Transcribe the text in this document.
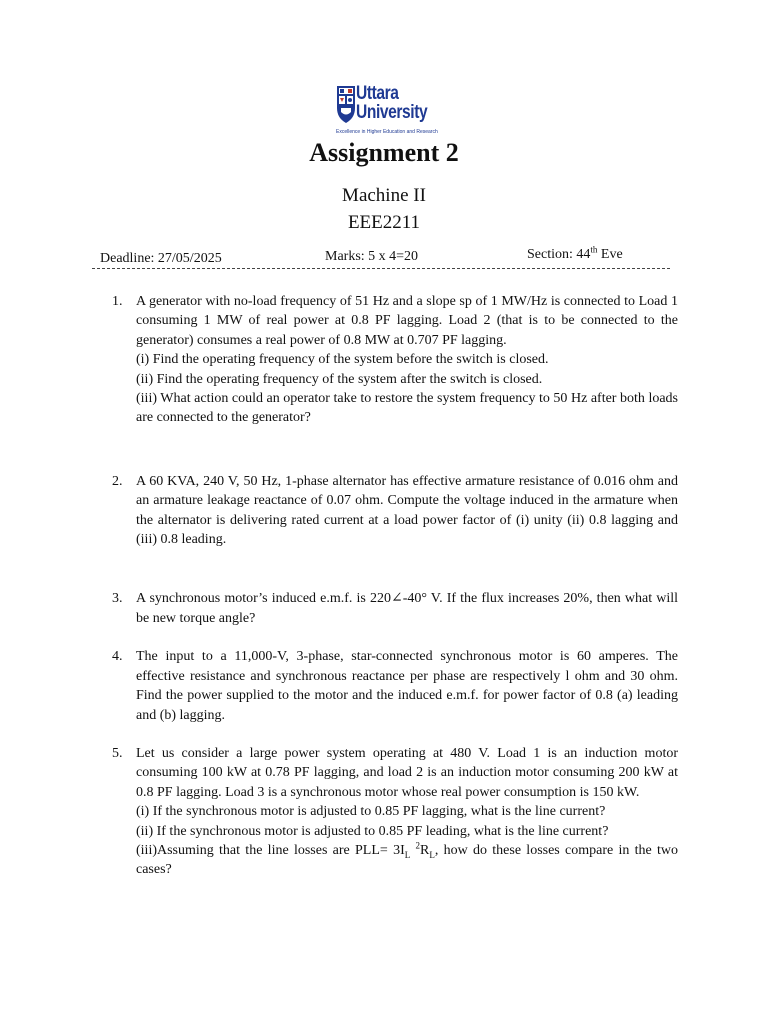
Uttara
University
Excellence in Higher Education and Research
Assignment 2
Machine II
EEE2211
Deadline: 27/05/2025	Marks: 5 x 4=20	Section: 44th Eve
1. A generator with no-load frequency of 51 Hz and a slope sp of 1 MW/Hz is connected to Load 1 consuming 1 MW of real power at 0.8 PF lagging. Load 2 (that is to be connected to the generator) consumes a real power of 0.8 MW at 0.707 PF lagging.
(i) Find the operating frequency of the system before the switch is closed.
(ii) Find the operating frequency of the system after the switch is closed.
(iii) What action could an operator take to restore the system frequency to 50 Hz after both loads are connected to the generator?
2. A 60 KVA, 240 V, 50 Hz, 1-phase alternator has effective armature resistance of 0.016 ohm and an armature leakage reactance of 0.07 ohm. Compute the voltage induced in the armature when the alternator is delivering rated current at a load power factor of (i) unity (ii) 0.8 lagging and (iii) 0.8 leading.
3. A synchronous motor’s induced e.m.f. is 220∠-40° V. If the flux increases 20%, then what will be new torque angle?
4. The input to a 11,000-V, 3-phase, star-connected synchronous motor is 60 amperes. The effective resistance and synchronous reactance per phase are respectively l ohm and 30 ohm. Find the power supplied to the motor and the induced e.m.f. for power factor of 0.8 (a) leading and (b) lagging.
5. Let us consider a large power system operating at 480 V. Load 1 is an induction motor consuming 100 kW at 0.78 PF lagging, and load 2 is an induction motor consuming 200 kW at 0.8 PF lagging. Load 3 is a synchronous motor whose real power consumption is 150 kW.
(i) If the synchronous motor is adjusted to 0.85 PF lagging, what is the line current?
(ii) If the synchronous motor is adjusted to 0.85 PF leading, what is the line current?
(iii)Assuming that the line losses are $PLL= 3I_L$ $^2R_L$, how do these losses compare in the two cases?
